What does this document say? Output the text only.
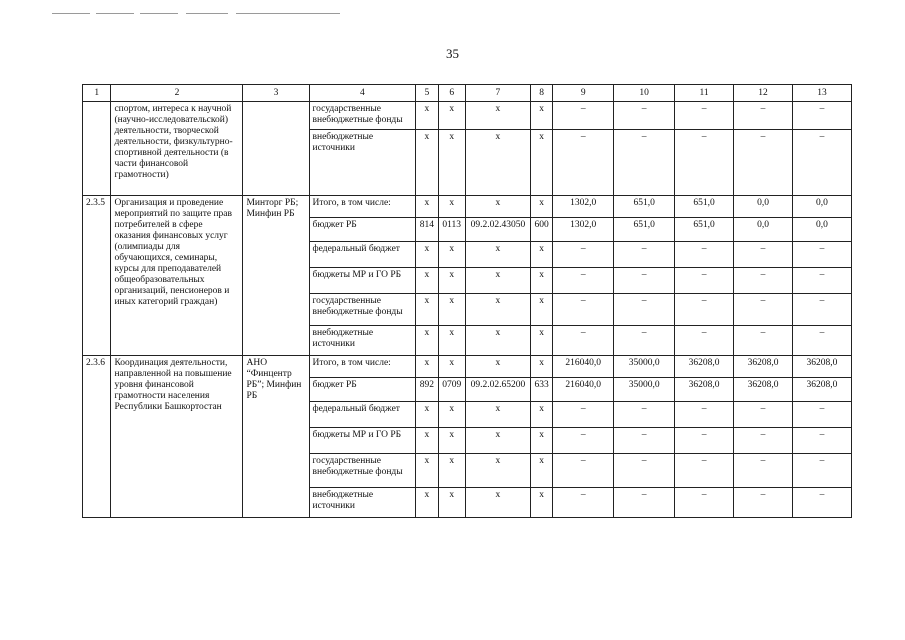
35
1	2	3	4	5	6	7	8	9	10	11	12	13
	спортом, интереса к научной (научно-исследовательской) деятельности, творческой деятельности, физкультурно-спортивной деятельности (в части финансовой грамотности)		государственные внебюджетные фонды	х	х	х	х	–	–	–	–	–
			внебюджетные источники	х	х	х	х	–	–	–	–	–
2.3.5	Организация и проведение мероприятий по защите прав потребителей в сфере оказания финансовых услуг (олимпиады для обучающихся, семинары, курсы для преподавателей общеобразовательных организаций, пенсионеров и иных категорий граждан)	Минторг РБ; Минфин РБ	Итого, в том числе:	х	х	х	х	1302,0	651,0	651,0	0,0	0,0
			бюджет РБ	814	0113	09.2.02.43050	600	1302,0	651,0	651,0	0,0	0,0
			федеральный бюджет	х	х	х	х	–	–	–	–	–
			бюджеты МР и ГО РБ	х	х	х	х	–	–	–	–	–
			государственные внебюджетные фонды	х	х	х	х	–	–	–	–	–
			внебюджетные источники	х	х	х	х	–	–	–	–	–
2.3.6	Координация деятельности, направленной на повышение уровня финансовой грамотности населения Республики Башкортостан	АНО “Финцентр РБ”; Минфин РБ	Итого, в том числе:	х	х	х	х	216040,0	35000,0	36208,0	36208,0	36208,0
			бюджет РБ	892	0709	09.2.02.65200	633	216040,0	35000,0	36208,0	36208,0	36208,0
			федеральный бюджет	х	х	х	х	–	–	–	–	–
			бюджеты МР и ГО РБ	х	х	х	х	–	–	–	–	–
			государственные внебюджетные фонды	х	х	х	х	–	–	–	–	–
			внебюджетные источники	х	х	х	х	–	–	–	–	–
